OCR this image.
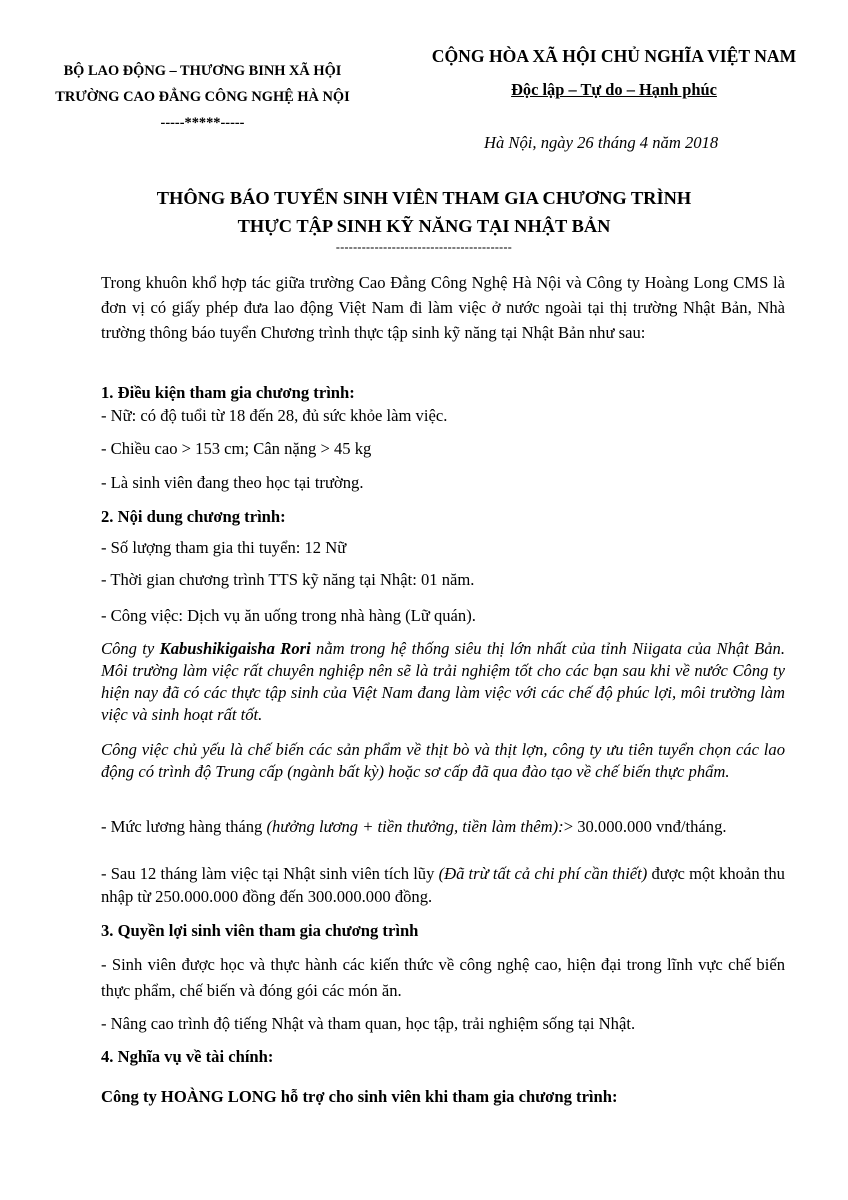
BỘ LAO ĐỘNG – THƯƠNG BINH XÃ HỘI
TRƯỜNG CAO ĐẲNG CÔNG NGHỆ HÀ NỘI
-----*****-----
CỘNG HÒA XÃ HỘI CHỦ NGHĨA VIỆT NAM
Độc lập – Tự do – Hạnh phúc
Hà Nội, ngày 26 tháng 4 năm 2018
THÔNG BÁO TUYỂN SINH VIÊN THAM GIA CHƯƠNG TRÌNH
THỰC TẬP SINH KỸ NĂNG TẠI NHẬT BẢN
-----------------------------------------
Trong khuôn khổ hợp tác giữa trường Cao Đẳng Công Nghệ Hà Nội và Công ty Hoàng Long CMS là đơn vị có giấy phép đưa lao động Việt Nam đi làm việc ở nước ngoài tại thị trường Nhật Bản, Nhà trường thông báo tuyển Chương trình thực tập sinh kỹ năng tại Nhật Bản như sau:
1. Điều kiện tham gia chương trình:
- Nữ: có độ tuổi từ 18 đến 28, đủ sức khỏe làm việc.
- Chiều cao > 153 cm; Cân nặng > 45 kg
- Là sinh viên đang theo học tại trường.
2. Nội dung chương trình:
- Số lượng tham gia thi tuyển: 12 Nữ
- Thời gian chương trình TTS kỹ năng tại Nhật: 01 năm.
- Công việc: Dịch vụ ăn uống trong nhà hàng (Lữ quán).
Công ty Kabushikigaisha Rori nằm trong hệ thống siêu thị lớn nhất của tỉnh Niigata của Nhật Bản. Môi trường làm việc rất chuyên nghiệp nên sẽ là trải nghiệm tốt cho các bạn sau khi về nước Công ty hiện nay đã có các thực tập sinh của Việt Nam đang làm việc với các chế độ phúc lợi, môi trường làm việc và sinh hoạt rất tốt.
Công việc chủ yếu là chế biến các sản phẩm về thịt bò và thịt lợn, công ty ưu tiên tuyển chọn các lao động có trình độ Trung cấp (ngành bất kỳ) hoặc sơ cấp đã qua đào tạo về chế biến thực phẩm.
- Mức lương hàng tháng (hưởng lương + tiền thưởng, tiền làm thêm):> 30.000.000 vnđ/tháng.
- Sau 12 tháng làm việc tại Nhật sinh viên tích lũy (Đã trừ tất cả chi phí cần thiết) được một khoản thu nhập từ 250.000.000 đồng đến 300.000.000 đồng.
3. Quyền lợi sinh viên tham gia chương trình
- Sinh viên được học và thực hành các kiến thức về công nghệ cao, hiện đại trong lĩnh vực chế biến thực phẩm, chế biến và đóng gói các món ăn.
- Nâng cao trình độ tiếng Nhật và tham quan, học tập, trải nghiệm sống tại Nhật.
4. Nghĩa vụ về tài chính:
Công ty HOÀNG LONG hỗ trợ cho sinh viên khi tham gia chương trình:
